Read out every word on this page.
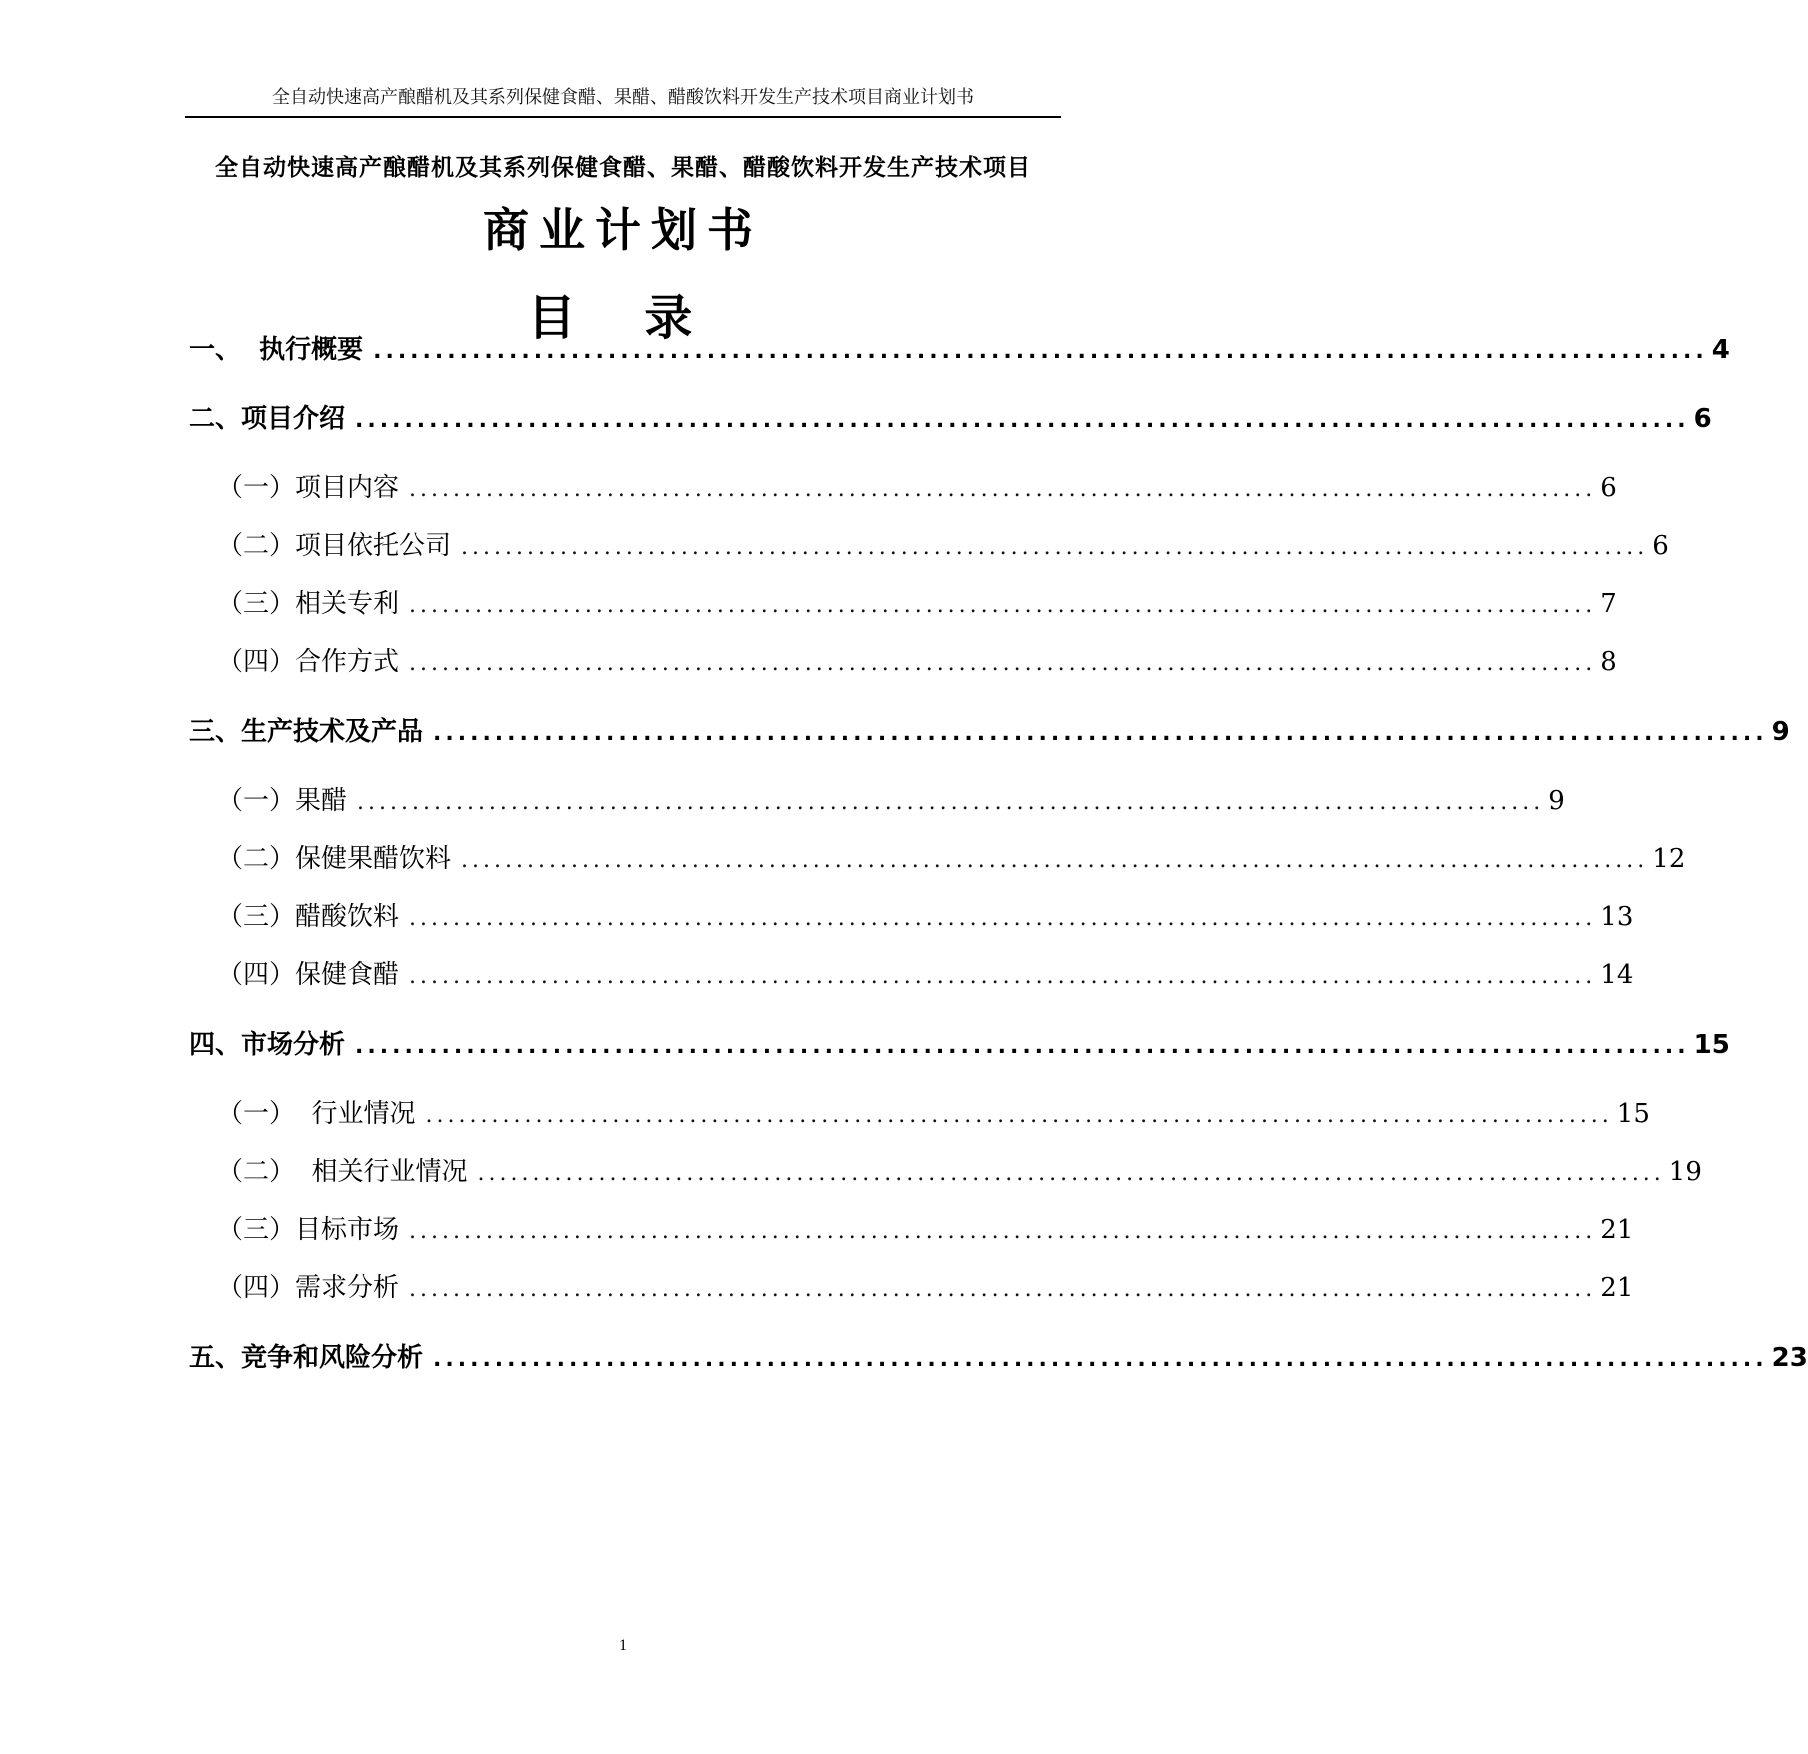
全自动快速高产酿醋机及其系列保健食醋、果醋、醋酸饮料开发生产技术项目商业计划书
全自动快速高产酿醋机及其系列保健食醋、果醋、醋酸饮料开发生产技术项目
商业计划书
目 录
一、  执行概要 ............................................................................................................ 4
二、项目介绍 ............................................................................................................ 6
（一）项目内容 ............................................................................................................ 6
（二）项目依托公司 ............................................................................................................ 6
（三）相关专利 ............................................................................................................ 7
（四）合作方式 ............................................................................................................ 8
三、生产技术及产品 ............................................................................................................ 9
（一）果醋 ............................................................................................................ 9
（二）保健果醋饮料 ............................................................................................................ 12
（三）醋酸饮料 ............................................................................................................ 13
（四）保健食醋 ............................................................................................................ 14
四、市场分析 ............................................................................................................ 15
（一）  行业情况 ............................................................................................................ 15
（二）  相关行业情况 ............................................................................................................ 19
（三）目标市场 ............................................................................................................ 21
（四）需求分析 ............................................................................................................ 21
五、竞争和风险分析 ............................................................................................................ 23
1
